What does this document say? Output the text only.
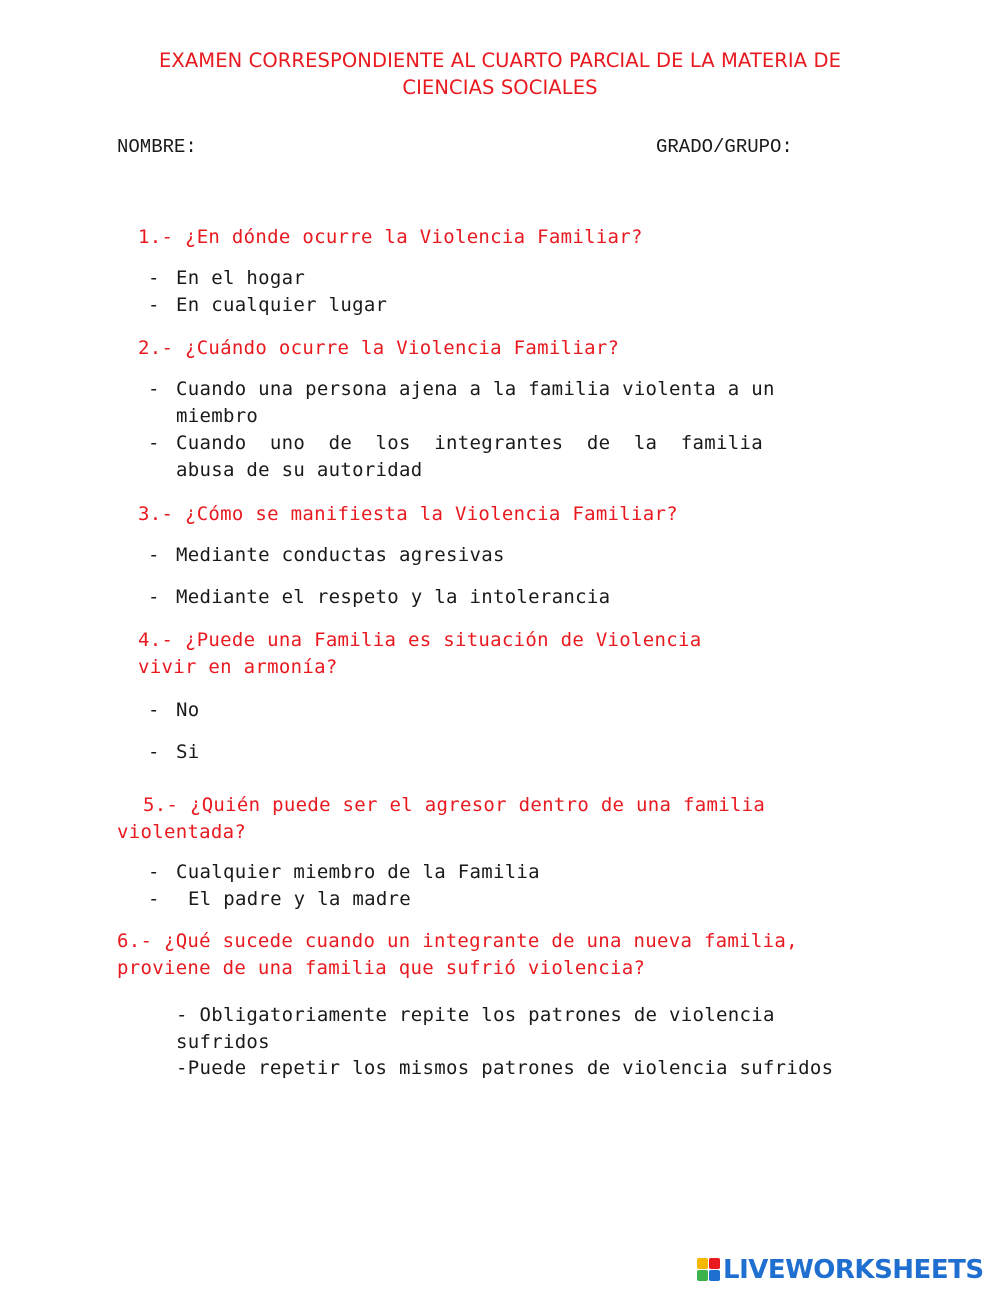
EXAMEN CORRESPONDIENTE AL CUARTO PARCIAL DE LA MATERIA DE
CIENCIAS SOCIALES
NOMBRE:	GRADO/GRUPO:
1.- ¿En dónde ocurre la Violencia Familiar?
- En el hogar
- En cualquier lugar
2.- ¿Cuándo ocurre la Violencia Familiar?
- Cuando una persona ajena a la familia violenta a un
miembro
- Cuando  uno  de  los  integrantes  de  la  familia
abusa de su autoridad
3.- ¿Cómo se manifiesta la Violencia Familiar?
- Mediante conductas agresivas
- Mediante el respeto y la intolerancia
4.- ¿Puede una Familia es situación de Violencia
vivir en armonía?
- No
- Si
5.- ¿Quién puede ser el agresor dentro de una familia
violentada?
- Cualquier miembro de la Familia
- El padre y la madre
6.- ¿Qué sucede cuando un integrante de una nueva familia,
proviene de una familia que sufrió violencia?
- Obligatoriamente repite los patrones de violencia
sufridos
-Puede repetir los mismos patrones de violencia sufridos
LIVEWORKSHEETS
